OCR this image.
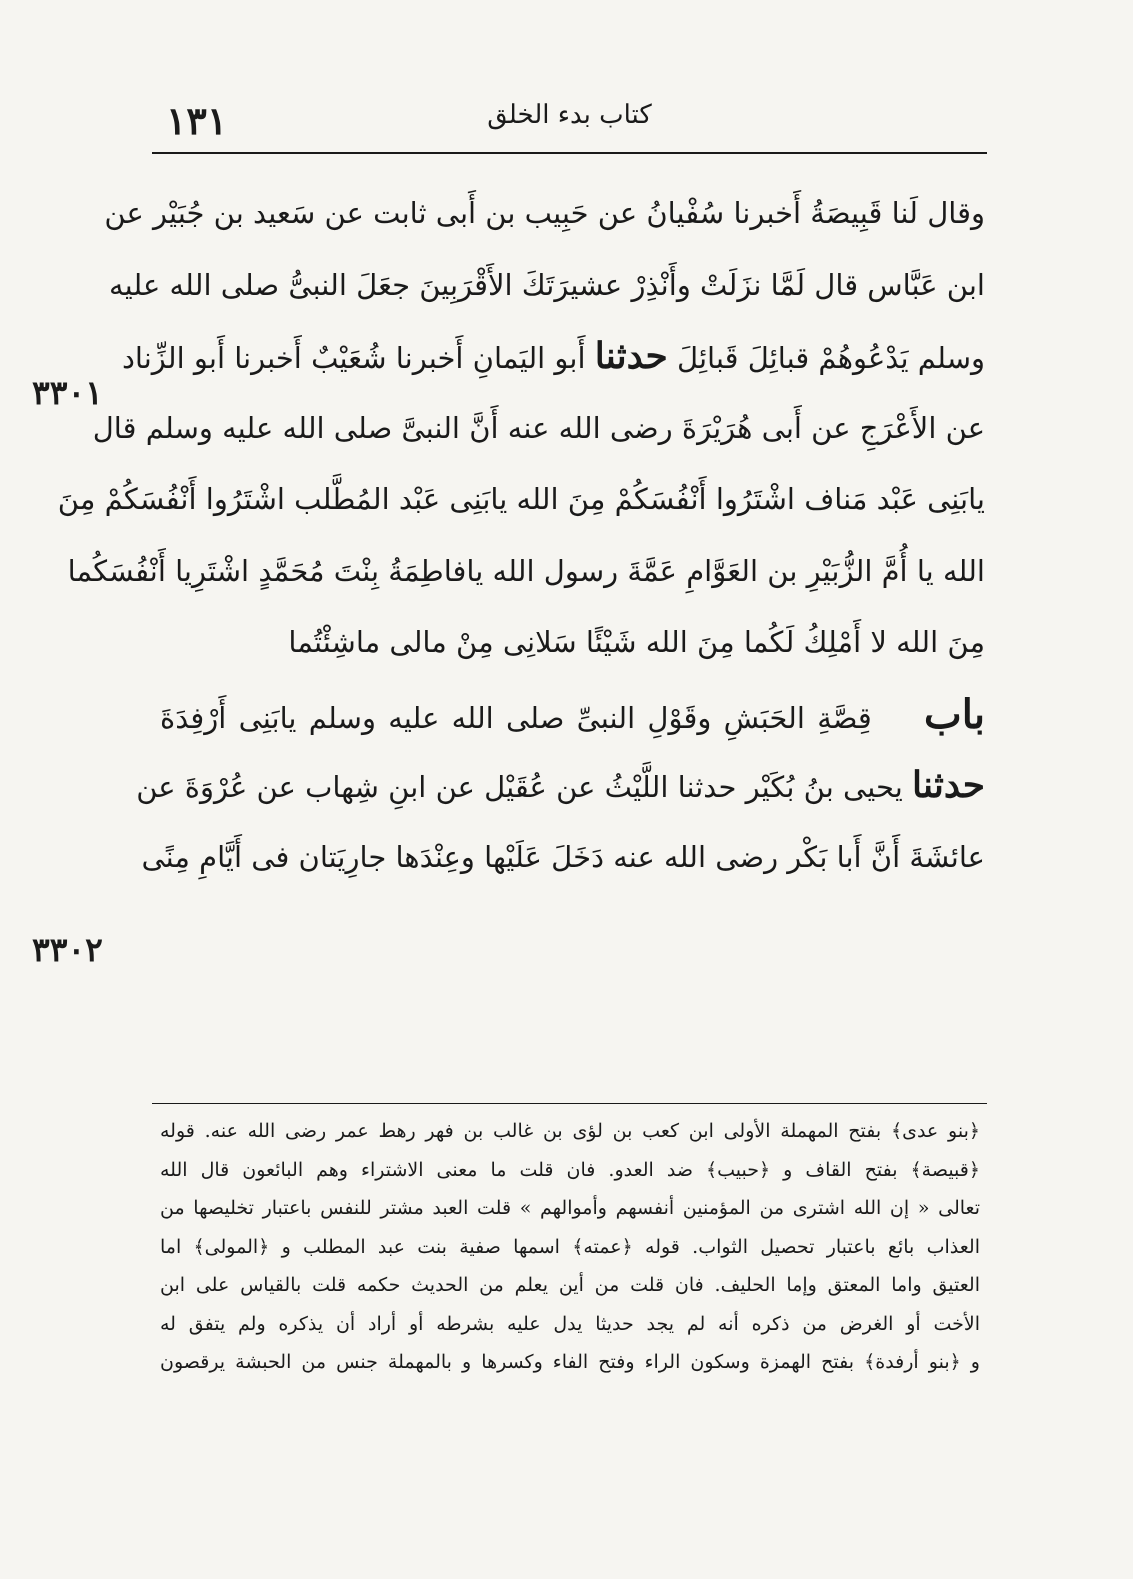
١٣١	كتاب بدء الخلق
وقال لَنا قَبِيصَةُ أَخبرنا سُفْيانُ عن حَبِيب بن أَبى ثابت عن سَعيد بن جُبَيْر عن
ابن عَبَّاس قال لَمَّا نزَلَتْ وأَنْذِرْ عشيرَتَكَ الأَقْرَبِينَ جعَلَ النبىُّ صلى الله عليه
وسلم يَدْعُوهُمْ قبائِلَ قَبائِلَ حدثنا أَبو اليَمانِ أَخبرنا شُعَيْبٌ أَخبرنا أَبو الزِّناد
عن الأَعْرَجِ عن أَبى هُرَيْرَةَ رضى الله عنه أَنَّ النبىَّ صلى الله عليه وسلم قال
يابَنِى عَبْد مَناف اشْتَرُوا أَنْفُسَكُمْ مِنَ الله يابَنِى عَبْد المُطَّلب اشْتَرُوا أَنْفُسَكُمْ مِنَ
الله يا أُمَّ الزُّبَيْرِ بن العَوَّامِ عَمَّةَ رسول الله يافاطِمَةُ بِنْتَ مُحَمَّدٍ اشْتَرِيا أَنْفُسَكُما
مِنَ الله لا أَمْلِكُ لَكُما مِنَ الله شَيْئًا سَلانِى مِنْ مالى ماشِئْتُما
باب قِصَّةِ الحَبَشِ وقَوْلِ النبىِّ صلى الله عليه وسلم يابَنِى أَرْفِدَةَ
حدثنا يحيى بنُ بُكَيْر حدثنا اللَّيْثُ عن عُقَيْل عن ابنِ شِهاب عن عُرْوَةَ عن
عائشَةَ أَنَّ أَبا بَكْر رضى الله عنه دَخَلَ عَلَيْها وعِنْدَها جارِيَتان فى أَيَّامِ مِنًى
٣٣٠١
٣٣٠٢
﴿بنو عدى﴾ بفتح المهملة الأولى ابن كعب بن لؤى بن غالب بن فهر رهط عمر رضى الله عنه. قوله
﴿قبيصة﴾ بفتح القاف و ﴿حبيب﴾ ضد العدو. فان قلت ما معنى الاشتراء وهم البائعون قال الله
تعالى « إن الله اشترى من المؤمنين أنفسهم وأموالهم » قلت العبد مشتر للنفس باعتبار تخليصها من
العذاب بائع باعتبار تحصيل الثواب. قوله ﴿عمته﴾ اسمها صفية بنت عبد المطلب و ﴿المولى﴾ اما
العتيق واما المعتق وإما الحليف. فان قلت من أين يعلم من الحديث حكمه قلت بالقياس على ابن
الأخت أو الغرض من ذكره أنه لم يجد حديثا يدل عليه بشرطه أو أراد أن يذكره ولم يتفق له
و ﴿بنو أرفدة﴾ بفتح الهمزة وسكون الراء وفتح الفاء وكسرها و بالمهملة جنس من الحبشة يرقصون
